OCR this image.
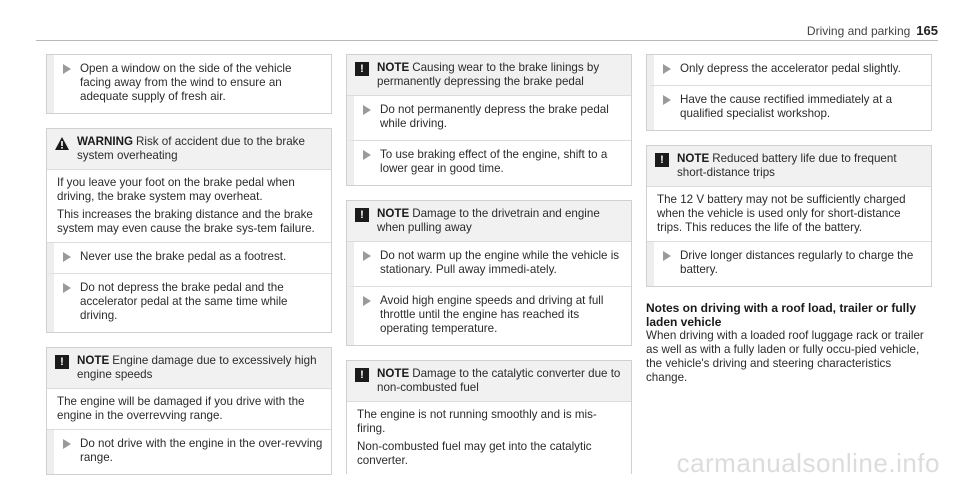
Driving and parking 165
Open a window on the side of the vehicle facing away from the wind to ensure an adequate supply of fresh air.
WARNING Risk of accident due to the brake system overheating

If you leave your foot on the brake pedal when driving, the brake system may overheat.

This increases the braking distance and the brake system may even cause the brake sys-tem failure.

Never use the brake pedal as a footrest.
Do not depress the brake pedal and the accelerator pedal at the same time while driving.
!	NOTE Engine damage due to excessively high engine speeds

The engine will be damaged if you drive with the engine in the overrevving range.

Do not drive with the engine in the over-revving range.
!	NOTE Causing wear to the brake linings by permanently depressing the brake pedal
Do not permanently depress the brake pedal while driving.
To use braking effect of the engine, shift to a lower gear in good time.
!	NOTE Damage to the drivetrain and engine when pulling away
Do not warm up the engine while the vehicle is stationary. Pull away immedi-ately.
Avoid high engine speeds and driving at full throttle until the engine has reached its operating temperature.
!	NOTE Damage to the catalytic converter due to non-combusted fuel

The engine is not running smoothly and is mis-firing.

Non-combusted fuel may get into the catalytic converter.

Only depress the accelerator pedal slightly.
Have the cause rectified immediately at a qualified specialist workshop.
!	NOTE Reduced battery life due to frequent short-distance trips

The 12 V battery may not be sufficiently charged when the vehicle is used only for short-distance trips. This reduces the life of the battery.

Drive longer distances regularly to charge the battery.
Notes on driving with a roof load, trailer or fully laden vehicle

When driving with a loaded roof luggage rack or trailer as well as with a fully laden or fully occu-pied vehicle, the vehicle's driving and steering characteristics change.

carmanualsonline.info
